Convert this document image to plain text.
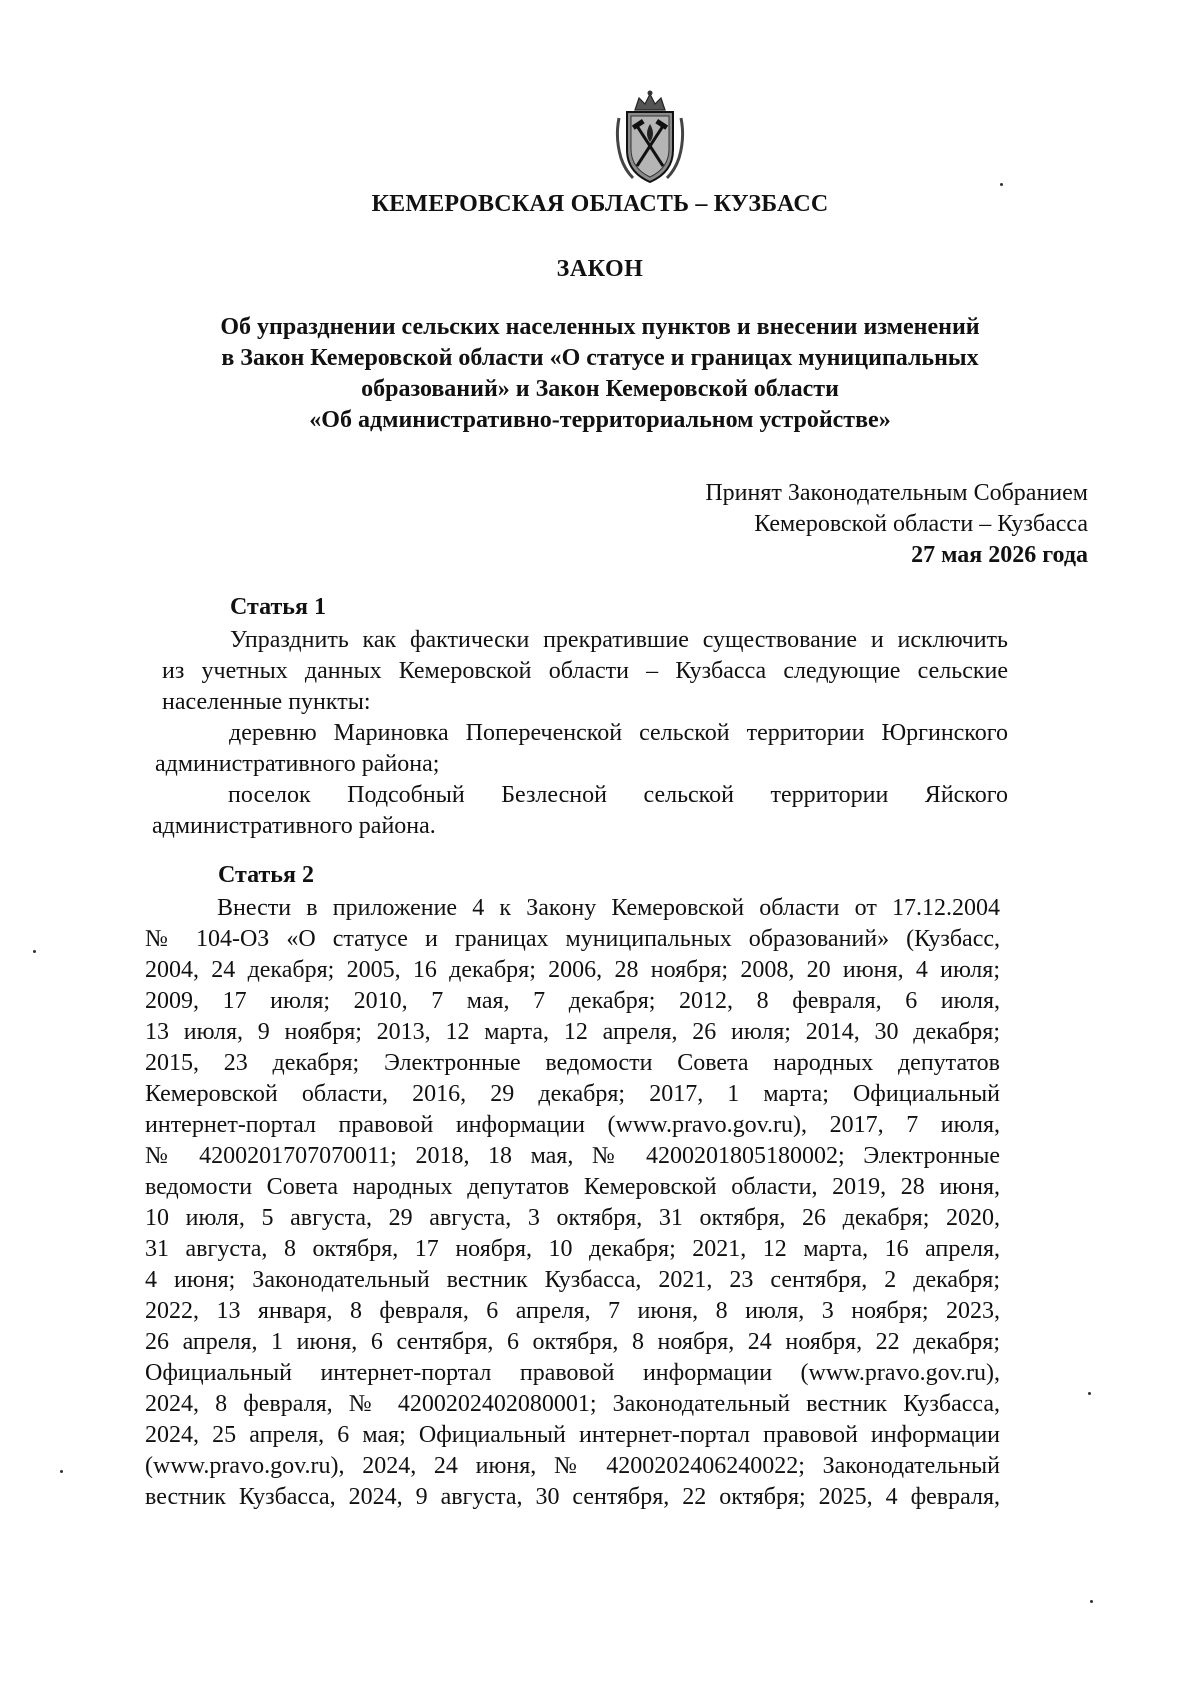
КЕМЕРОВСКАЯ ОБЛАСТЬ – КУЗБАСС
ЗАКОН
Об упразднении сельских населенных пунктов и внесении изменений
в Закон Кемеровской области «О статусе и границах муниципальных
образований» и Закон Кемеровской области
«Об административно-территориальном устройстве»
Принят Законодательным Собранием
Кемеровской области – Кузбасса
27 мая 2026 года
Статья 1
Упразднить как фактически прекратившие существование и исключить
из учетных данных Кемеровской области – Кузбасса следующие сельские
населенные пункты:
деревню Мариновка Попереченской сельской территории Юргинского
административного района;
поселок Подсобный Безлесной сельской территории Яйского
административного района.
Статья 2
Внести в приложение 4 к Закону Кемеровской области от 17.12.2004
№ 104-ОЗ «О статусе и границах муниципальных образований» (Кузбасс,
2004, 24 декабря; 2005, 16 декабря; 2006, 28 ноября; 2008, 20 июня, 4 июля;
2009, 17 июля; 2010, 7 мая, 7 декабря; 2012, 8 февраля, 6 июля,
13 июля, 9 ноября; 2013, 12 марта, 12 апреля, 26 июля; 2014, 30 декабря;
2015, 23 декабря; Электронные ведомости Совета народных депутатов
Кемеровской области, 2016, 29 декабря; 2017, 1 марта; Официальный
интернет-портал правовой информации (www.pravo.gov.ru), 2017, 7 июля,
№ 4200201707070011; 2018, 18 мая, № 4200201805180002; Электронные
ведомости Совета народных депутатов Кемеровской области, 2019, 28 июня,
10 июля, 5 августа, 29 августа, 3 октября, 31 октября, 26 декабря; 2020,
31 августа, 8 октября, 17 ноября, 10 декабря; 2021, 12 марта, 16 апреля,
4 июня; Законодательный вестник Кузбасса, 2021, 23 сентября, 2 декабря;
2022, 13 января, 8 февраля, 6 апреля, 7 июня, 8 июля, 3 ноября; 2023,
26 апреля, 1 июня, 6 сентября, 6 октября, 8 ноября, 24 ноября, 22 декабря;
Официальный интернет-портал правовой информации (www.pravo.gov.ru),
2024, 8 февраля, № 4200202402080001; Законодательный вестник Кузбасса,
2024, 25 апреля, 6 мая; Официальный интернет-портал правовой информации
(www.pravo.gov.ru), 2024, 24 июня, № 4200202406240022; Законодательный
вестник Кузбасса, 2024, 9 августа, 30 сентября, 22 октября; 2025, 4 февраля,
